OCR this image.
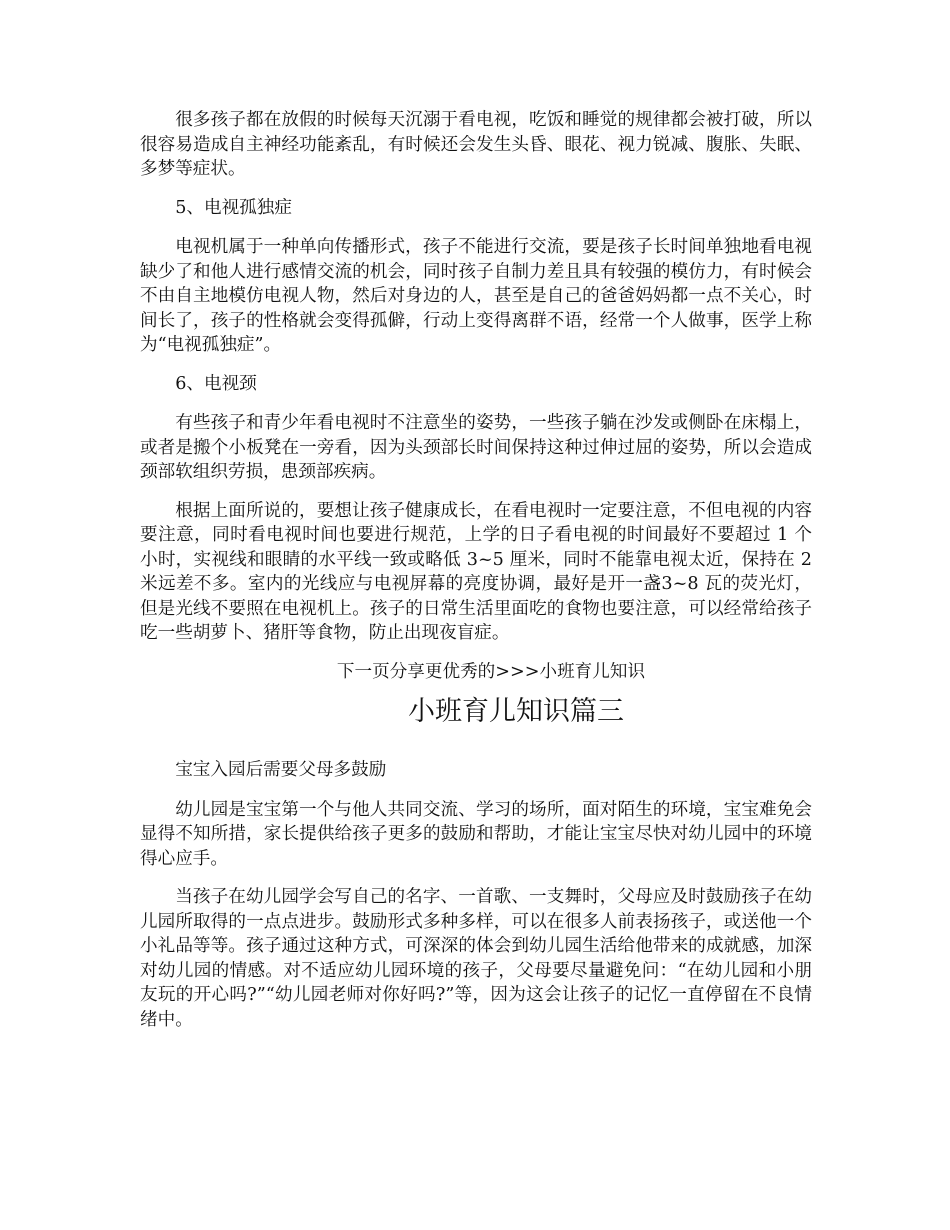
很多孩子都在放假的时候每天沉溺于看电视，吃饭和睡觉的规律都会被打破，所以很容易造成自主神经功能紊乱，有时候还会发生头昏、眼花、视力锐减、腹胀、失眠、多梦等症状。

5、电视孤独症

电视机属于一种单向传播形式，孩子不能进行交流，要是孩子长时间单独地看电视缺少了和他人进行感情交流的机会，同时孩子自制力差且具有较强的模仿力，有时候会不由自主地模仿电视人物，然后对身边的人，甚至是自己的爸爸妈妈都一点不关心，时间长了，孩子的性格就会变得孤僻，行动上变得离群不语，经常一个人做事，医学上称为“电视孤独症”。

6、电视颈

有些孩子和青少年看电视时不注意坐的姿势，一些孩子躺在沙发或侧卧在床榻上，或者是搬个小板凳在一旁看，因为头颈部长时间保持这种过伸过屈的姿势，所以会造成颈部软组织劳损，患颈部疾病。

根据上面所说的，要想让孩子健康成长，在看电视时一定要注意，不但电视的内容要注意，同时看电视时间也要进行规范，上学的日子看电视的时间最好不要超过 1 个小时，实视线和眼睛的水平线一致或略低 3~5 厘米，同时不能靠电视太近，保持在 2 米远差不多。室内的光线应与电视屏幕的亮度协调，最好是开一盏3~8 瓦的荧光灯，但是光线不要照在电视机上。孩子的日常生活里面吃的食物也要注意，可以经常给孩子吃一些胡萝卜、猪肝等食物，防止出现夜盲症。

下一页分享更优秀的>>>小班育儿知识

小班育儿知识篇三

宝宝入园后需要父母多鼓励

幼儿园是宝宝第一个与他人共同交流、学习的场所，面对陌生的环境，宝宝难免会显得不知所措，家长提供给孩子更多的鼓励和帮助，才能让宝宝尽快对幼儿园中的环境得心应手。

当孩子在幼儿园学会写自己的名字、一首歌、一支舞时，父母应及时鼓励孩子在幼儿园所取得的一点点进步。鼓励形式多种多样，可以在很多人前表扬孩子，或送他一个小礼品等等。孩子通过这种方式，可深深的体会到幼儿园生活给他带来的成就感，加深对幼儿园的情感。对不适应幼儿园环境的孩子，父母要尽量避免问：“在幼儿园和小朋友玩的开心吗?”“幼儿园老师对你好吗?”等，因为这会让孩子的记忆一直停留在不良情绪中。
